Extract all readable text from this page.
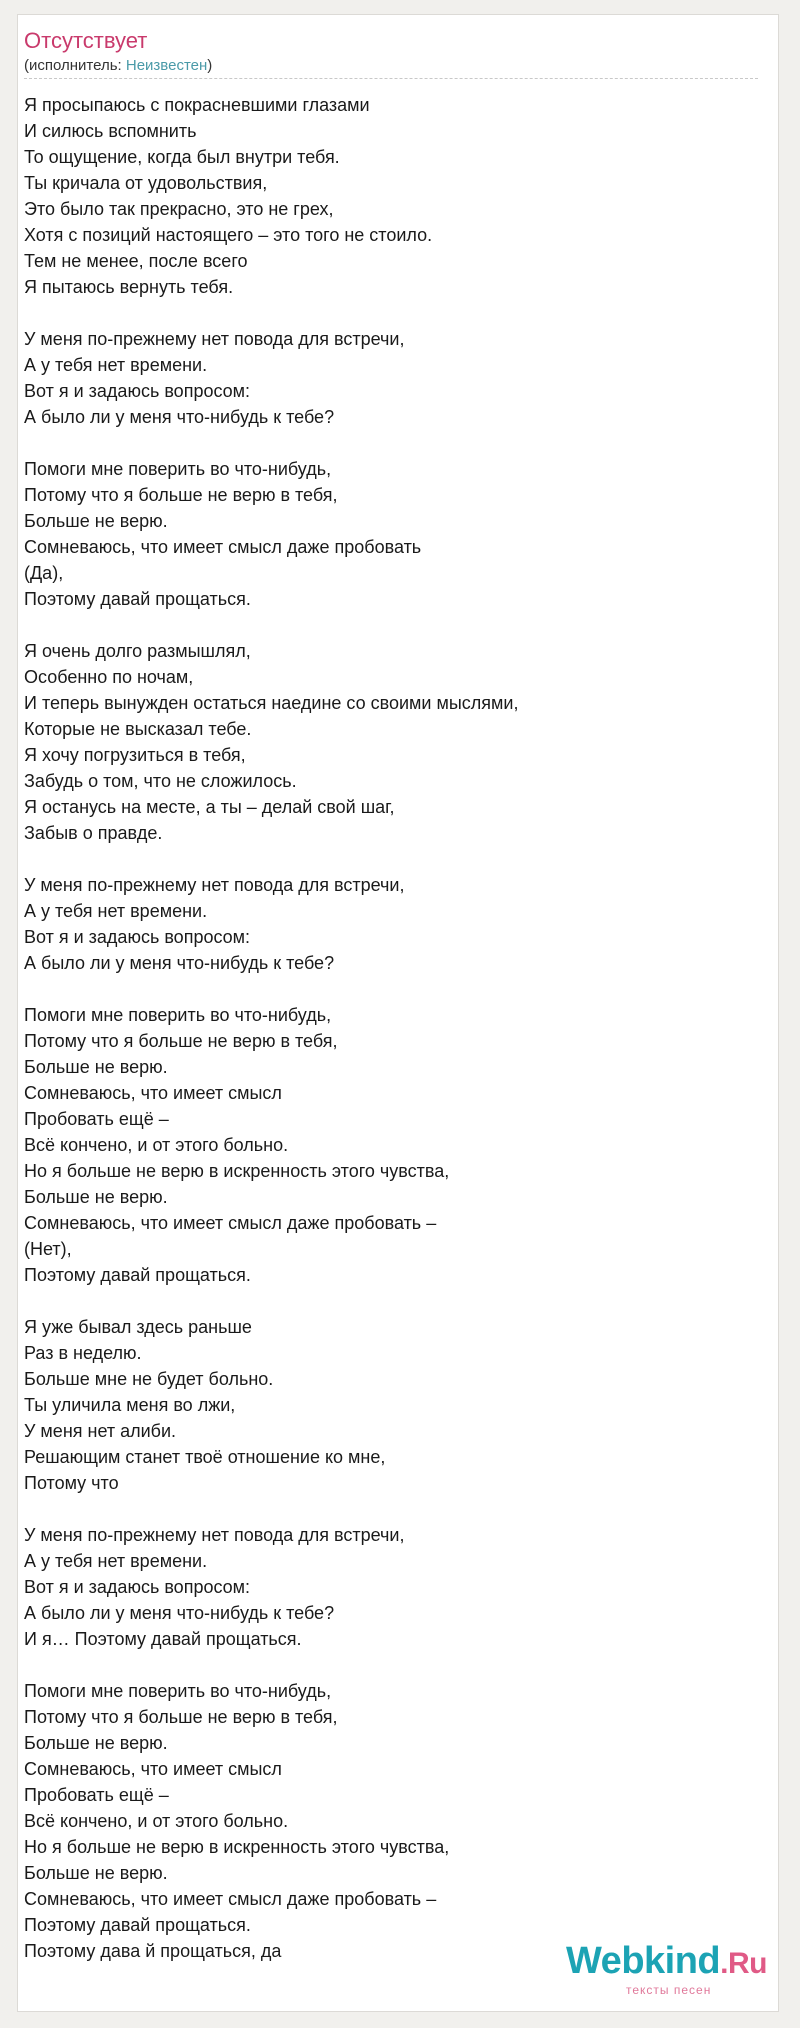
Отсутствует
(исполнитель: Неизвестен)
Я просыпаюсь с покрасневшими глазами
И силюсь вспомнить
То ощущение, когда был внутри тебя.
Ты кричала от удовольствия,
Это было так прекрасно, это не грех,
Хотя с позиций настоящего – это того не стоило.
Тем не менее, после всего
Я пытаюсь вернуть тебя.
У меня по-прежнему нет повода для встречи,
А у тебя нет времени.
Вот я и задаюсь вопросом:
А было ли у меня что-нибудь к тебе?
Помоги мне поверить во что-нибудь,
Потому что я больше не верю в тебя,
Больше не верю.
Сомневаюсь, что имеет смысл даже пробовать
(Да),
Поэтому давай прощаться.
Я очень долго размышлял,
Особенно по ночам,
И теперь вынужден остаться наедине со своими мыслями,
Которые не высказал тебе.
Я хочу погрузиться в тебя,
Забудь о том, что не сложилось.
Я останусь на месте, а ты – делай свой шаг,
Забыв о правде.
У меня по-прежнему нет повода для встречи,
А у тебя нет времени.
Вот я и задаюсь вопросом:
А было ли у меня что-нибудь к тебе?
Помоги мне поверить во что-нибудь,
Потому что я больше не верю в тебя,
Больше не верю.
Сомневаюсь, что имеет смысл
Пробовать ещё –
Всё кончено, и от этого больно.
Но я больше не верю в искренность этого чувства,
Больше не верю.
Сомневаюсь, что имеет смысл даже пробовать –
(Нет),
Поэтому давай прощаться.
Я уже бывал здесь раньше
Раз в неделю.
Больше мне не будет больно.
Ты уличила меня во лжи,
У меня нет алиби.
Решающим станет твоё отношение ко мне,
Потому что
У меня по-прежнему нет повода для встречи,
А у тебя нет времени.
Вот я и задаюсь вопросом:
А было ли у меня что-нибудь к тебе?
И я… Поэтому давай прощаться.
Помоги мне поверить во что-нибудь,
Потому что я больше не верю в тебя,
Больше не верю.
Сомневаюсь, что имеет смысл
Пробовать ещё –
Всё кончено, и от этого больно.
Но я больше не верю в искренность этого чувства,
Больше не верю.
Сомневаюсь, что имеет смысл даже пробовать –
Поэтому давай прощаться.
Поэтому дава й прощаться, да	Webkind.Ru
тексты песен
